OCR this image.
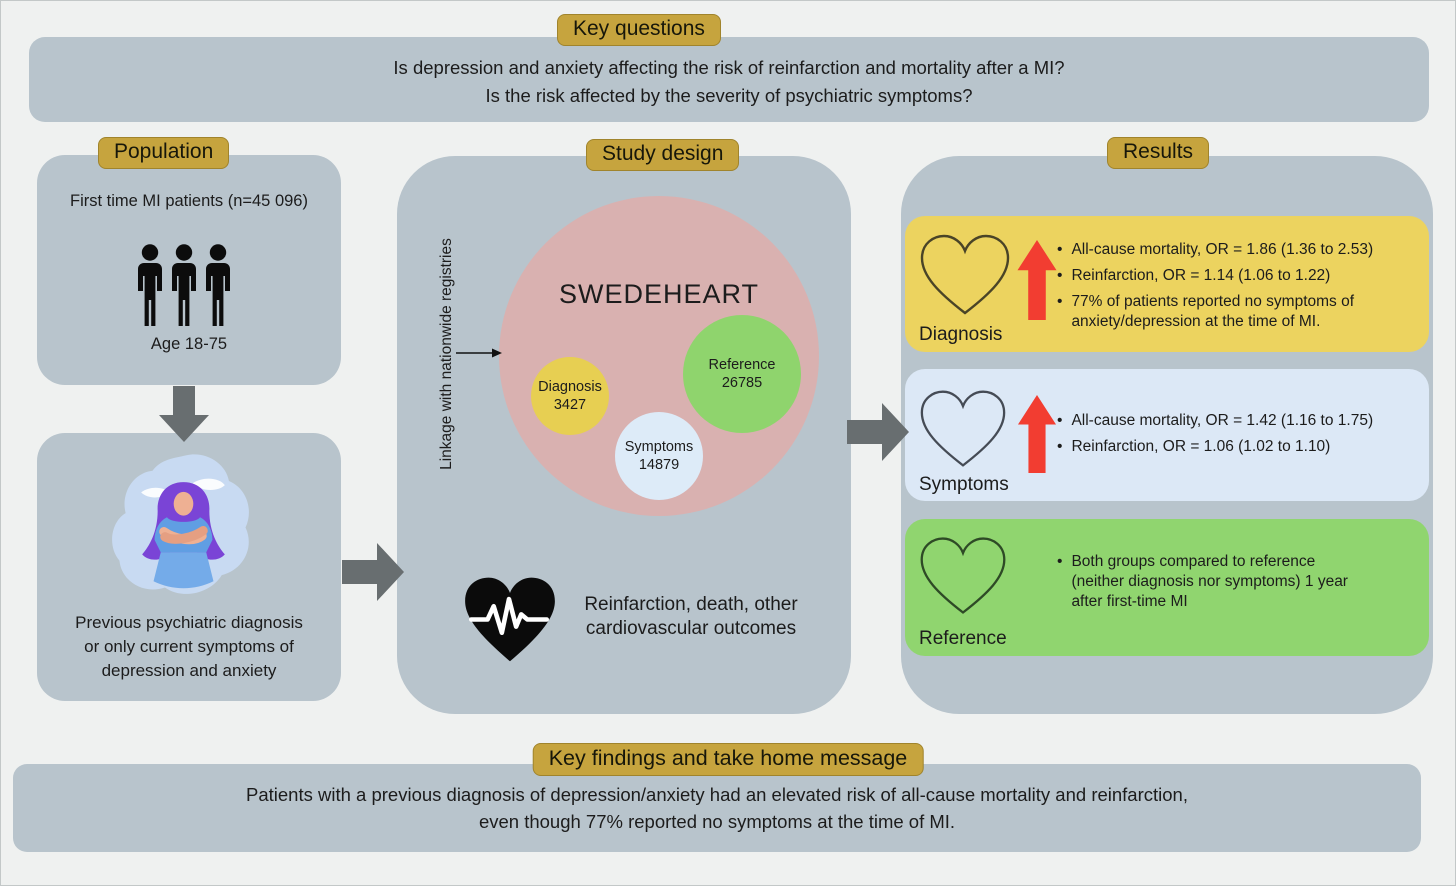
Key questions
Is depression and anxiety affecting the risk of reinfarction and mortality after a MI?
Is the risk affected by the severity of psychiatric symptoms?
Population
First time MI patients (n=45 096)
Age 18-75
Previous psychiatric diagnosis
or only current symptoms of
depression and anxiety
Study design
Linkage with nationwide registries	SWEDEHEART
Diagnosis
3427
Reference
26785
Symptoms
14879
Reinfarction, death, other
cardiovascular outcomes
Results
Diagnosis
• All-cause mortality, OR = 1.86 (1.36 to 2.53)
• Reinfarction, OR = 1.14 (1.06 to 1.22)
• 77% of patients reported no symptoms of anxiety/depression at the time of MI.
Symptoms
• All-cause mortality, OR = 1.42 (1.16 to 1.75)
• Reinfarction, OR = 1.06 (1.02 to 1.10)
Reference
• Both groups compared to reference (neither diagnosis nor symptoms) 1 year after first-time MI
Key findings and take home message
Patients with a previous diagnosis of depression/anxiety had an elevated risk of all-cause mortality and reinfarction,
even though 77% reported no symptoms at the time of MI.
